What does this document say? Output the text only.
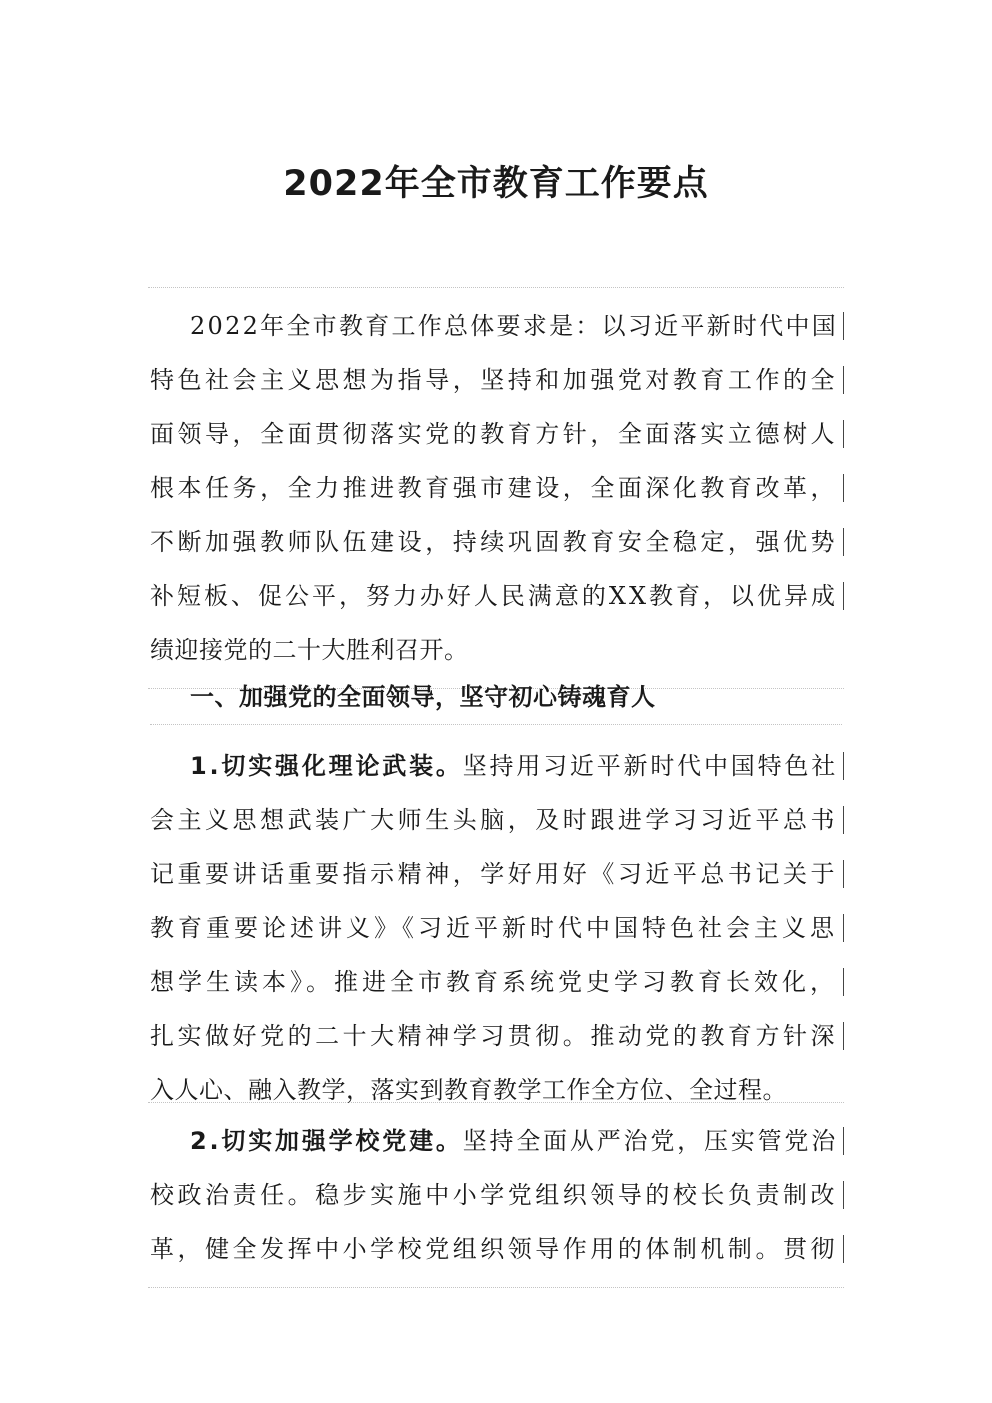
2022年全市教育工作要点
2022年全市教育工作总体要求是：以习近平新时代中国
特色社会主义思想为指导，坚持和加强党对教育工作的全
面领导，全面贯彻落实党的教育方针，全面落实立德树人
根本任务，全力推进教育强市建设，全面深化教育改革，
不断加强教师队伍建设，持续巩固教育安全稳定，强优势
补短板、促公平，努力办好人民满意的XX教育，以优异成
绩迎接党的二十大胜利召开。
一、加强党的全面领导，坚守初心铸魂育人
1.切实强化理论武装。坚持用习近平新时代中国特色社
会主义思想武装广大师生头脑，及时跟进学习习近平总书
记重要讲话重要指示精神，学好用好《习近平总书记关于
教育重要论述讲义》《习近平新时代中国特色社会主义思
想学生读本》。推进全市教育系统党史学习教育长效化，
扎实做好党的二十大精神学习贯彻。推动党的教育方针深
入人心、融入教学，落实到教育教学工作全方位、全过程。
2.切实加强学校党建。坚持全面从严治党，压实管党治
校政治责任。稳步实施中小学党组织领导的校长负责制改
革，健全发挥中小学校党组织领导作用的体制机制。贯彻
